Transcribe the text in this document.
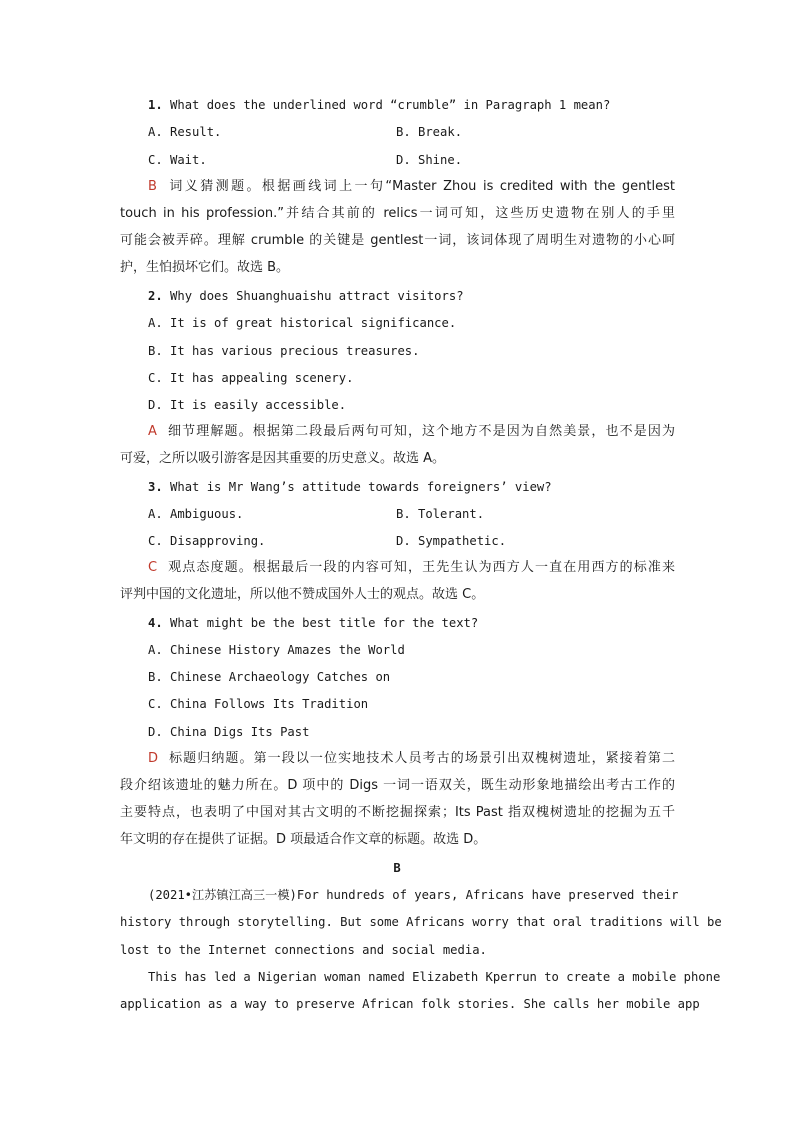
1. What does the underlined word “crumble” in Paragraph 1 mean?
A. Result.	B. Break.
C. Wait.	D. Shine.
B 词义猜测题。根据画线词上一句“Master Zhou is credited with the gentlest
touch in his profession.”并结合其前的 relics一词可知，这些历史遗物在别人的手里
可能会被弄碎。理解 crumble 的关键是 gentlest一词，该词体现了周明生对遗物的小心呵
护，生怕损坏它们。故选 B。
2. Why does Shuanghuaishu attract visitors?
A. It is of great historical significance.
B. It has various precious treasures.
C. It has appealing scenery.
D. It is easily accessible.
A 细节理解题。根据第二段最后两句可知，这个地方不是因为自然美景，也不是因为
可爱，之所以吸引游客是因其重要的历史意义。故选 A。
3. What is Mr Wang’s attitude towards foreigners’ view?
A. Ambiguous.	B. Tolerant.
C. Disapproving.	D. Sympathetic.
C 观点态度题。根据最后一段的内容可知，王先生认为西方人一直在用西方的标准来
评判中国的文化遗址，所以他不赞成国外人士的观点。故选 C。
4. What might be the best title for the text?
A. Chinese History Amazes the World
B. Chinese Archaeology Catches on
C. China Follows Its Tradition
D. China Digs Its Past
D 标题归纳题。第一段以一位实地技术人员考古的场景引出双槐树遗址，紧接着第二
段介绍该遗址的魅力所在。D 项中的 Digs 一词一语双关，既生动形象地描绘出考古工作的
主要特点，也表明了中国对其古文明的不断挖掘探索；Its Past 指双槐树遗址的挖掘为五千
年文明的存在提供了证据。D 项最适合作文章的标题。故选 D。
B
(2021•江苏镇江高三一模)For hundreds of years, Africans have preserved their
history through storytelling. But some Africans worry that oral traditions will be
lost to the Internet connections and social media.
This has led a Nigerian woman named Elizabeth Kperrun to create a mobile phone
application as a way to preserve African folk stories. She calls her mobile app
